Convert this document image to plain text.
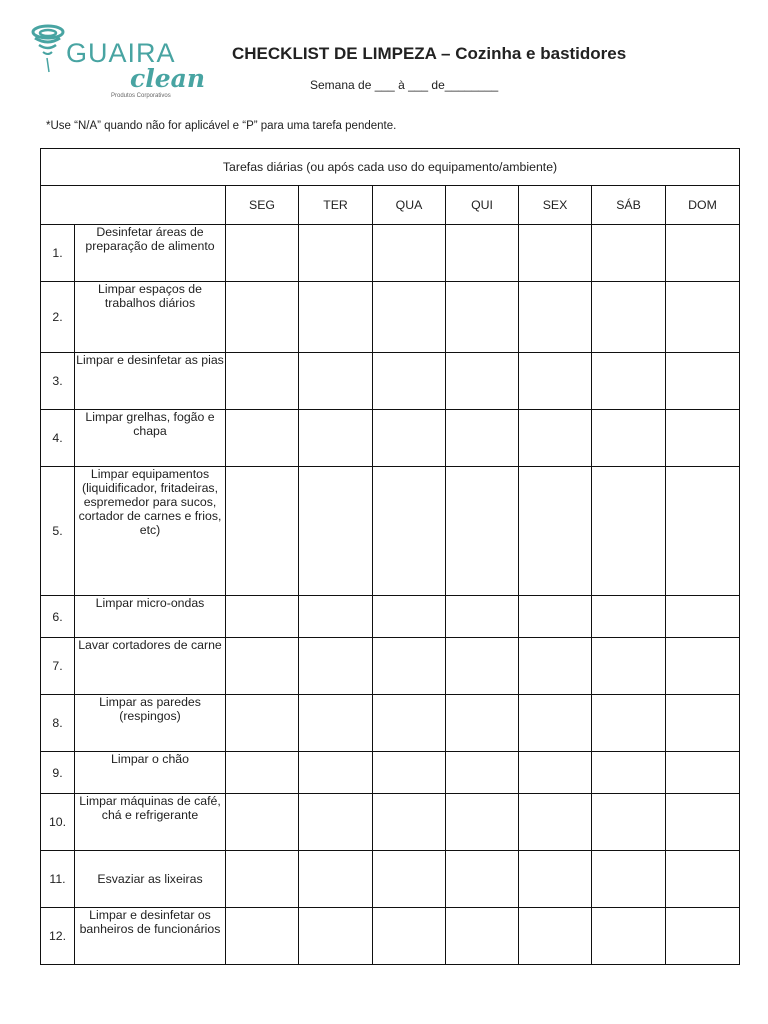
GUAIRA
clean
Produtos Corporativos
CHECKLIST DE LIMPEZA – Cozinha e bastidores
Semana de ___ à ___ de________
*Use “N/A” quando não for aplicável e “P” para uma tarefa pendente.
Tarefas diárias (ou após cada uso do equipamento/ambiente)								
		SEG	TER	QUA	QUI	SEX	SÁB	DOM
1.	Desinfetar áreas de preparação de alimento							
2.	Limpar espaços de trabalhos diários							
3.	Limpar e desinfetar as pias							
4.	Limpar grelhas, fogão e chapa							
5.	Limpar equipamentos (liquidificador, fritadeiras, espremedor para sucos, cortador de carnes e frios, etc)							
6.	Limpar micro-ondas							
7.	Lavar cortadores de carne							
8.	Limpar as paredes (respingos)							
9.	Limpar o chão							
10.	Limpar máquinas de café, chá e refrigerante							
11.	Esvaziar as lixeiras							
12.	Limpar e desinfetar os banheiros de funcionários							
